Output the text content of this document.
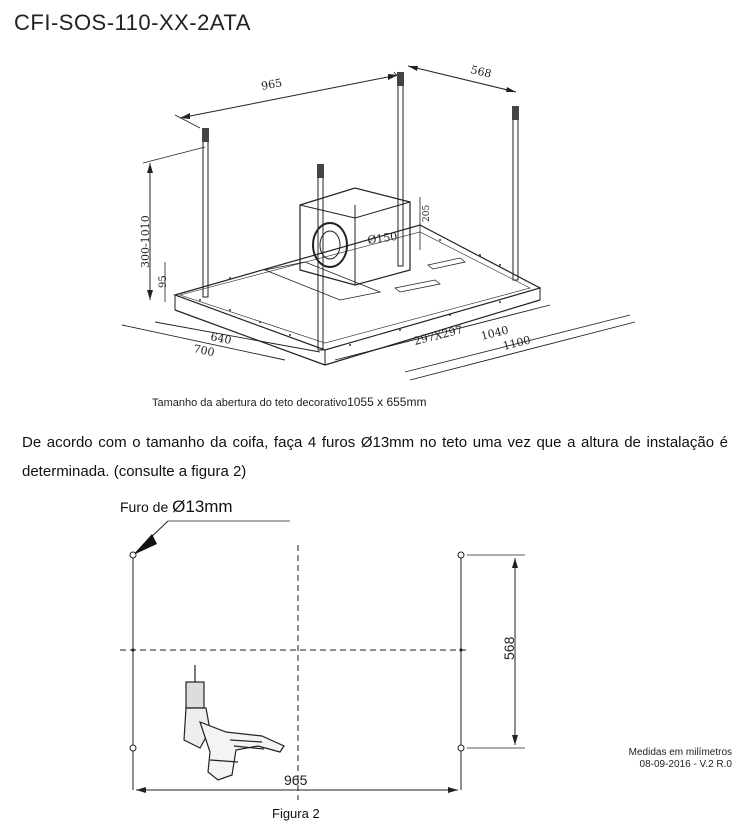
CFI-SOS-110-XX-2ATA
965
568
300-1010
95
Ø150
205
640
700
297X297 1040
1100
Tamanho da abertura do teto decorativo1055 x 655mm
De acordo com o tamanho da coifa, faça 4 furos Ø13mm no teto uma vez que a altura de instalação é determinada. (consulte a figura 2)
Furo de Ø13mm
568
965
Figura 2
Medidas em milímetros
08-09-2016 - V.2 R.0
